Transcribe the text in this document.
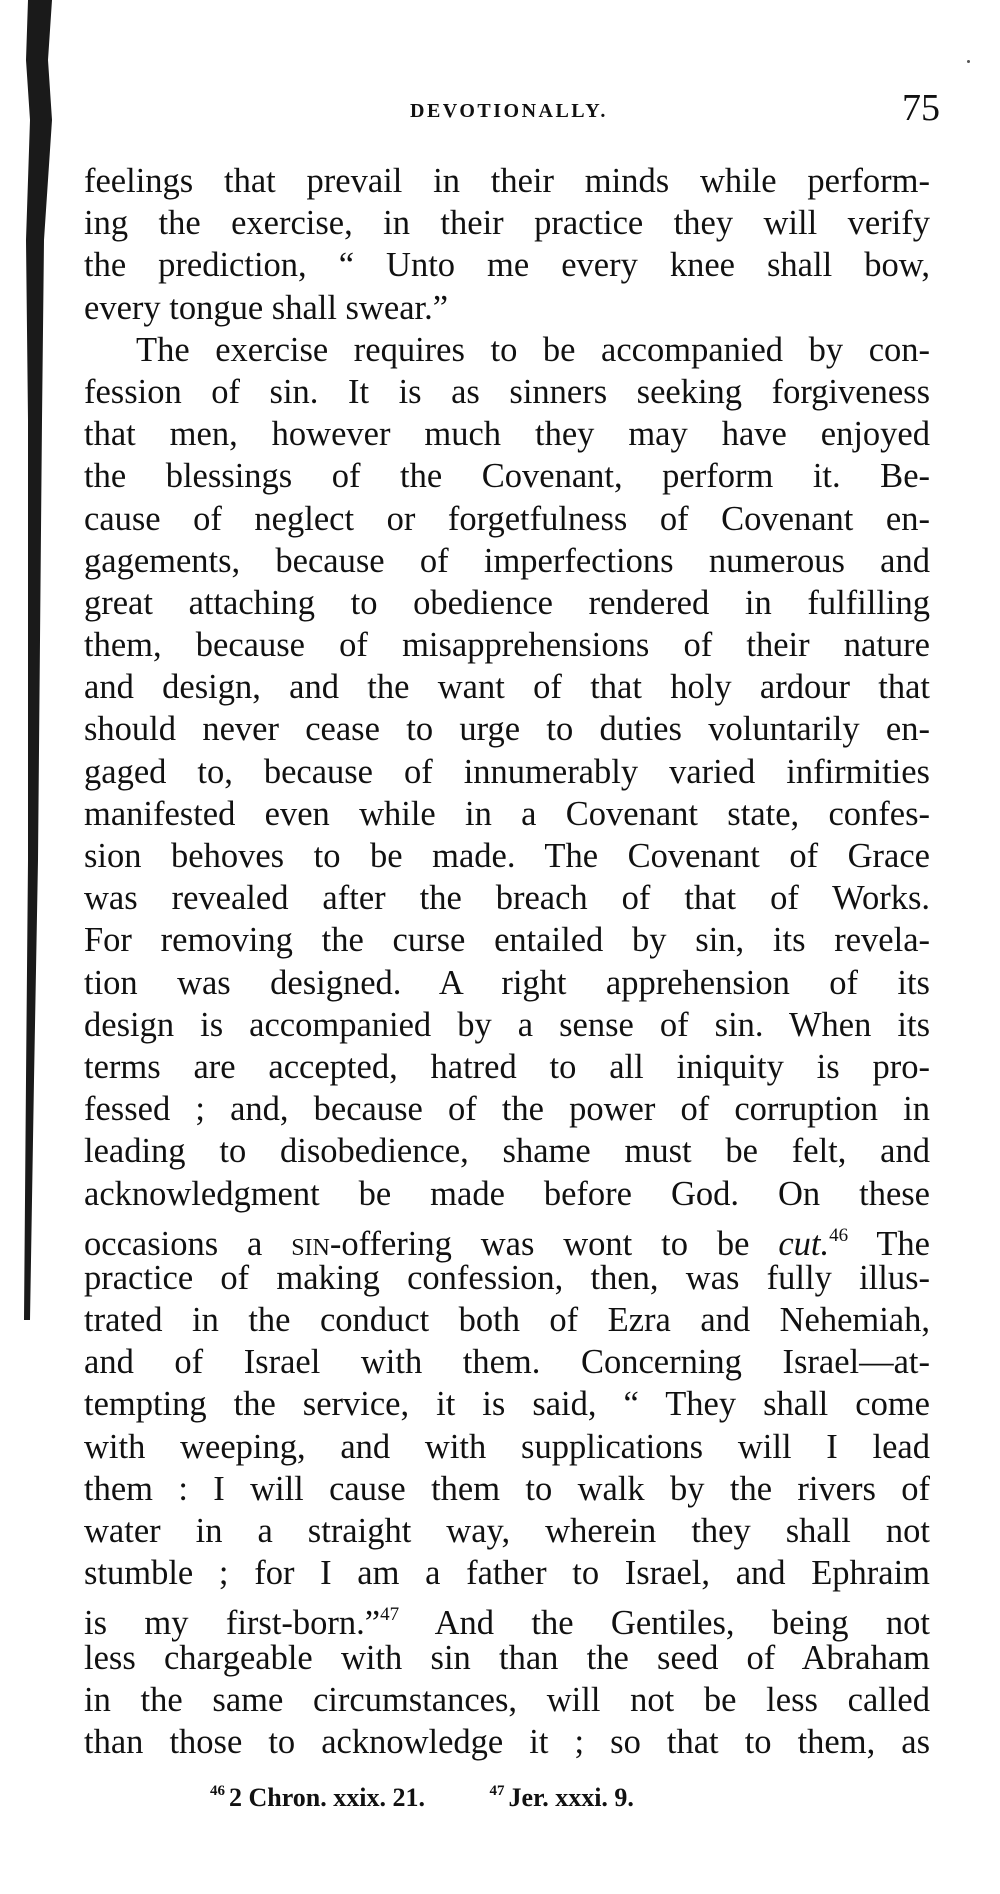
DEVOTIONALLY.	75
feelings that prevail in their minds while perform-
ing the exercise, in their practice they will verify
the prediction, “ Unto me every knee shall bow,
every tongue shall swear.”
The exercise requires to be accompanied by con-
fession of sin. It is as sinners seeking forgiveness
that men, however much they may have enjoyed
the blessings of the Covenant, perform it. Be-
cause of neglect or forgetfulness of Covenant en-
gagements, because of imperfections numerous and
great attaching to obedience rendered in fulfilling
them, because of misapprehensions of their nature
and design, and the want of that holy ardour that
should never cease to urge to duties voluntarily en-
gaged to, because of innumerably varied infirmities
manifested even while in a Covenant state, confes-
sion behoves to be made. The Covenant of Grace
was revealed after the breach of that of Works.
For removing the curse entailed by sin, its revela-
tion was designed. A right apprehension of its
design is accompanied by a sense of sin. When its
terms are accepted, hatred to all iniquity is pro-
fessed ; and, because of the power of corruption in
leading to disobedience, shame must be felt, and
acknowledgment be made before God. On these
occasions a sin-offering was wont to be cut.$^{46}$ The
practice of making confession, then, was fully illus-
trated in the conduct both of Ezra and Nehemiah,
and of Israel with them. Concerning Israel—at-
tempting the service, it is said, “ They shall come
with weeping, and with supplications will I lead
them : I will cause them to walk by the rivers of
water in a straight way, wherein they shall not
stumble ; for I am a father to Israel, and Ephraim
is my first-born.”$^{47}$ And the Gentiles, being not
less chargeable with sin than the seed of Abraham
in the same circumstances, will not be less called
than those to acknowledge it ; so that to them, as
$^{46}$ 2 Chron. xxix. 21.	$^{47}$ Jer. xxxi. 9.
